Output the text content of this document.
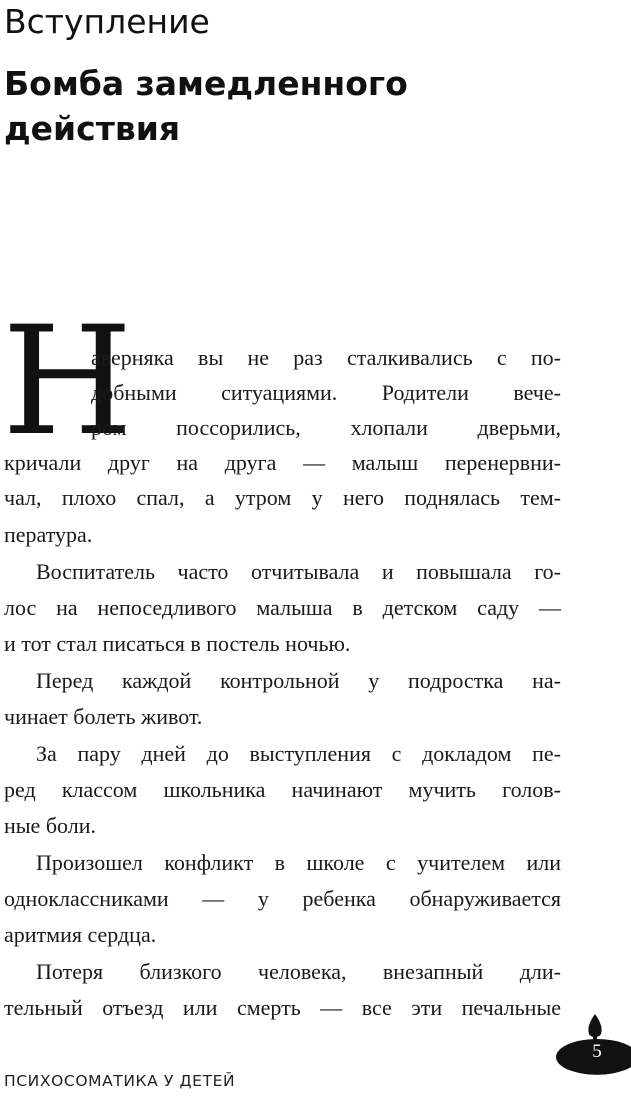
Вступление
Бомба замедленного
действия
Н
аверняка вы не раз сталкивались с по-
добными ситуациями. Родители вече-
ром поссорились, хлопали дверьми,
кричали друг на друга — малыш перенервни-
чал, плохо спал, а утром у него поднялась тем-
пература.
Воспитатель часто отчитывала и повышала го-
лос на непоседливого малыша в детском саду —
и тот стал писаться в постель ночью.
Перед каждой контрольной у подростка на-
чинает болеть живот.
За пару дней до выступления с докладом пе-
ред классом школьника начинают мучить голов-
ные боли.
Произошел конфликт в школе с учителем или
одноклассниками — у ребенка обнаруживается
аритмия сердца.
Потеря близкого человека, внезапный дли-
тельный отъезд или смерть — все эти печальные
ПСИХОСОМАТИКА У ДЕТЕЙ
5
